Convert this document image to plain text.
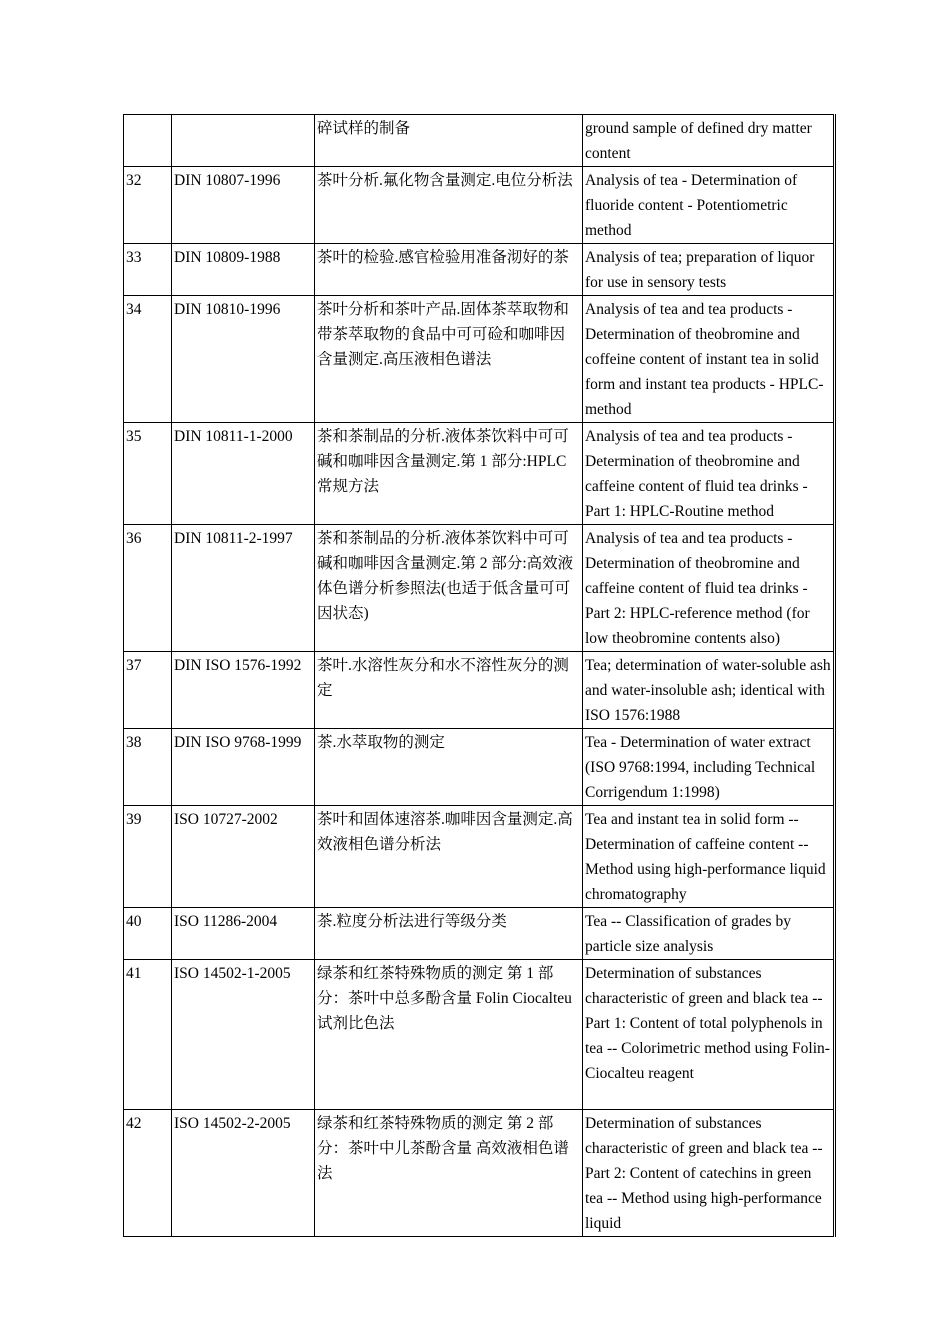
		碎试样的制备	ground sample of defined dry matter content
32	DIN 10807-1996	茶叶分析.氟化物含量测定.电位分析法	Analysis of tea - Determination of fluoride content - Potentiometric method
33	DIN 10809-1988	茶叶的检验.感官检验用准备沏好的茶	Analysis of tea; preparation of liquor for use in sensory tests
34	DIN 10810-1996	茶叶分析和茶叶产品.固体茶萃取物和带茶萃取物的食品中可可硷和咖啡因含量测定.高压液相色谱法	Analysis of tea and tea products - Determination of theobromine and coffeine content of instant tea in solid form and instant tea products - HPLC-method
35	DIN 10811-1-2000	茶和茶制品的分析.液体茶饮料中可可碱和咖啡因含量测定.第 1 部分:HPLC 常规方法	Analysis of tea and tea products - Determination of theobromine and caffeine content of fluid tea drinks - Part 1: HPLC-Routine method
36	DIN 10811-2-1997	茶和茶制品的分析.液体茶饮料中可可碱和咖啡因含量测定.第 2 部分:高效液体色谱分析参照法(也适于低含量可可因状态)	Analysis of tea and tea products - Determination of theobromine and caffeine content of fluid tea drinks - Part 2: HPLC-reference method (for low theobromine contents also)
37	DIN ISO 1576-1992	茶叶.水溶性灰分和水不溶性灰分的测定	Tea; determination of water-soluble ash and water-insoluble ash; identical with ISO 1576:1988
38	DIN ISO 9768-1999	茶.水萃取物的测定	Tea - Determination of water extract (ISO 9768:1994, including Technical Corrigendum 1:1998)
39	ISO 10727-2002	茶叶和固体速溶茶.咖啡因含量测定.高效液相色谱分析法	Tea and instant tea in solid form -- Determination of caffeine content -- Method using high-performance liquid chromatography
40	ISO 11286-2004	茶.粒度分析法进行等级分类	Tea -- Classification of grades by particle size analysis
41	ISO 14502-1-2005	绿茶和红茶特殊物质的测定 第 1 部分：茶叶中总多酚含量 Folin Ciocalteu 试剂比色法	Determination of substances characteristic of green and black tea -- Part 1: Content of total polyphenols in tea -- Colorimetric method using Folin-Ciocalteu reagent
42	ISO 14502-2-2005	绿茶和红茶特殊物质的测定 第 2 部分：茶叶中儿茶酚含量 高效液相色谱法	Determination of substances characteristic of green and black tea -- Part 2: Content of catechins in green tea -- Method using high-performance liquid
